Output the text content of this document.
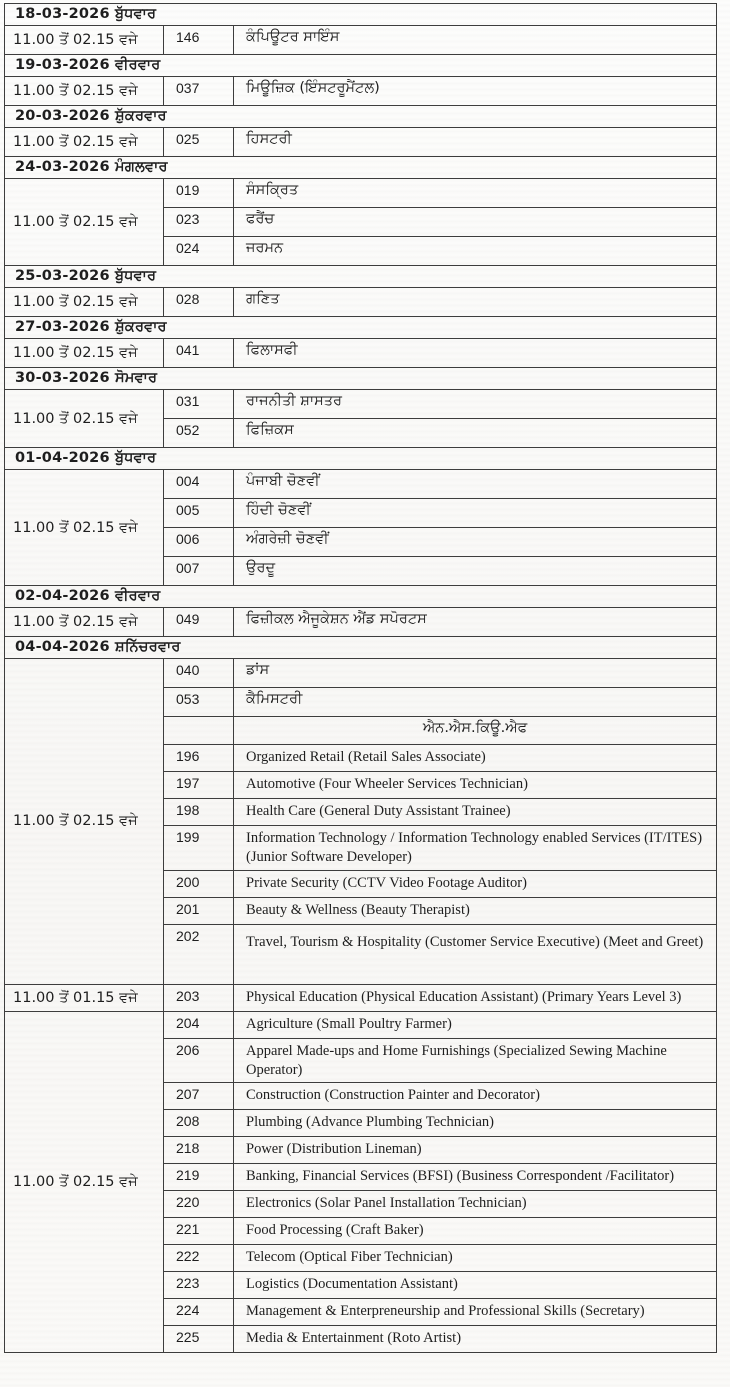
18-03-2026 ਬੁੱਧਵਾਰ		
11.00 ਤੋਂ 02.15 ਵਜੇ	146	ਕੰਪਿਊਟਰ ਸਾਇੰਸ
19-03-2026 ਵੀਰਵਾਰ		
11.00 ਤੋਂ 02.15 ਵਜੇ	037	ਮਿਊਜ਼ਿਕ (ਇੰਸਟਰੂਮੈਂਟਲ)
20-03-2026 ਸ਼ੁੱਕਰਵਾਰ		
11.00 ਤੋਂ 02.15 ਵਜੇ	025	ਹਿਸਟਰੀ
24-03-2026 ਮੰਗਲਵਾਰ		
11.00 ਤੋਂ 02.15 ਵਜੇ	019	ਸੰਸਕ੍ਰਿਤ
	023	ਫਰੈਂਚ
	024	ਜਰਮਨ
25-03-2026 ਬੁੱਧਵਾਰ		
11.00 ਤੋਂ 02.15 ਵਜੇ	028	ਗਣਿਤ
27-03-2026 ਸ਼ੁੱਕਰਵਾਰ		
11.00 ਤੋਂ 02.15 ਵਜੇ	041	ਫਿਲਾਸਫੀ
30-03-2026 ਸੋਮਵਾਰ		
11.00 ਤੋਂ 02.15 ਵਜੇ	031	ਰਾਜਨੀਤੀ ਸ਼ਾਸਤਰ
	052	ਫਿਜ਼ਿਕਸ
01-04-2026 ਬੁੱਧਵਾਰ		
11.00 ਤੋਂ 02.15 ਵਜੇ	004	ਪੰਜਾਬੀ ਚੋਣਵੀਂ
	005	ਹਿੰਦੀ ਚੋਣਵੀਂ
	006	ਅੰਗਰੇਜ਼ੀ ਚੋਣਵੀਂ
	007	ਉਰਦੂ
02-04-2026 ਵੀਰਵਾਰ		
11.00 ਤੋਂ 02.15 ਵਜੇ	049	ਫਿਜ਼ੀਕਲ ਐਜੂਕੇਸ਼ਨ ਐਂਡ ਸਪੋਰਟਸ
04-04-2026 ਸ਼ਨਿੱਚਰਵਾਰ		
11.00 ਤੋਂ 02.15 ਵਜੇ	040	ਡਾਂਸ
	053	ਕੈਮਿਸਟਰੀ
		ਐਨ.ਐਸ.ਕਿਊ.ਐਫ
	196	Organized Retail (Retail Sales Associate)
	197	Automotive (Four Wheeler Services Technician)
	198	Health Care (General Duty Assistant Trainee)
	199	Information Technology / Information Technology enabled Services (IT/ITES) (Junior Software Developer)
	200	Private Security (CCTV Video Footage Auditor)
	201	Beauty & Wellness (Beauty Therapist)
	202	Travel, Tourism & Hospitality (Customer Service Executive) (Meet and Greet)
11.00 ਤੋਂ 01.15 ਵਜੇ	203	Physical Education (Physical Education Assistant) (Primary Years Level 3)
11.00 ਤੋਂ 02.15 ਵਜੇ	204	Agriculture (Small Poultry Farmer)
	206	Apparel Made-ups and Home Furnishings (Specialized Sewing Machine Operator)
	207	Construction (Construction Painter and Decorator)
	208	Plumbing (Advance Plumbing Technician)
	218	Power (Distribution Lineman)
	219	Banking, Financial Services (BFSI) (Business Correspondent /Facilitator)
	220	Electronics (Solar Panel Installation Technician)
	221	Food Processing (Craft Baker)
	222	Telecom (Optical Fiber Technician)
	223	Logistics (Documentation Assistant)
	224	Management & Enterpreneurship and Professional Skills (Secretary)
	225	Media & Entertainment (Roto Artist)
